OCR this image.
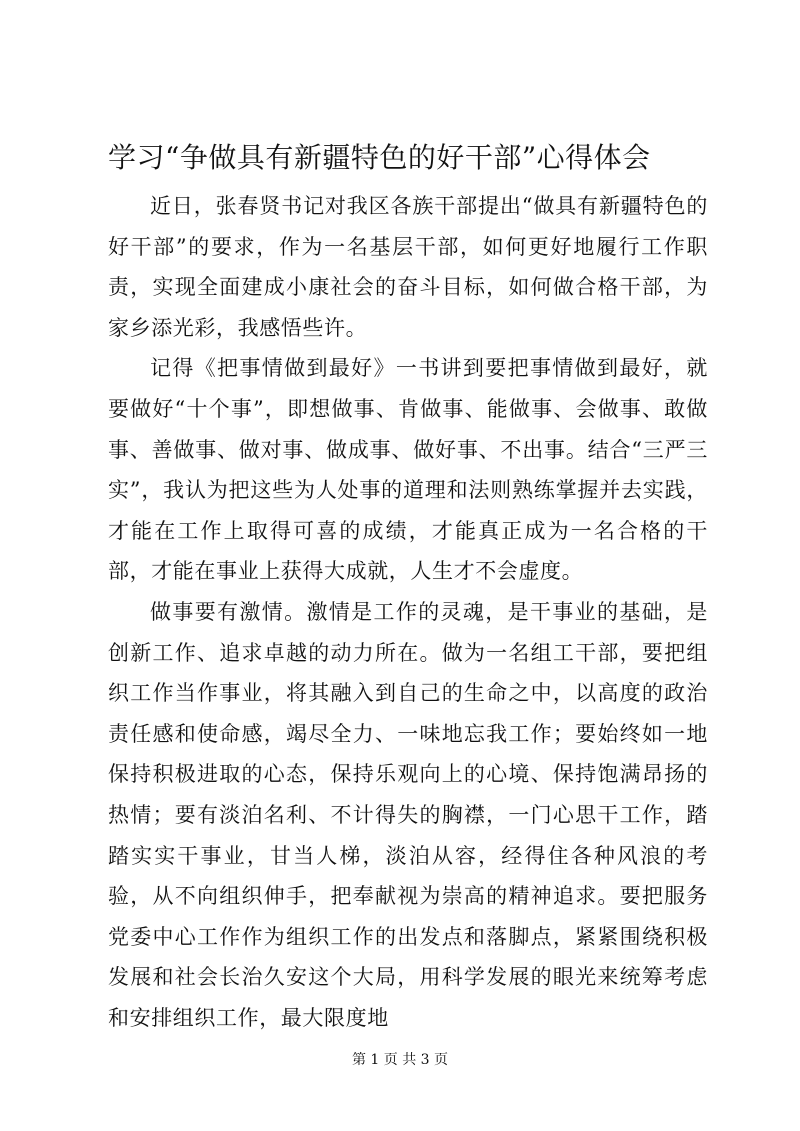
学习“争做具有新疆特色的好干部”心得体会

近日，张春贤书记对我区各族干部提出“做具有新疆特色的好干部”的要求，作为一名基层干部，如何更好地履行工作职责，实现全面建成小康社会的奋斗目标，如何做合格干部，为家乡添光彩，我感悟些许。

记得《把事情做到最好》一书讲到要把事情做到最好，就要做好“十个事”，即想做事、肯做事、能做事、会做事、敢做事、善做事、做对事、做成事、做好事、不出事。结合“三严三实”，我认为把这些为人处事的道理和法则熟练掌握并去实践，才能在工作上取得可喜的成绩，才能真正成为一名合格的干部，才能在事业上获得大成就，人生才不会虚度。

做事要有激情。激情是工作的灵魂，是干事业的基础，是创新工作、追求卓越的动力所在。做为一名组工干部，要把组织工作当作事业，将其融入到自己的生命之中，以高度的政治责任感和使命感，竭尽全力、一味地忘我工作；要始终如一地保持积极进取的心态，保持乐观向上的心境、保持饱满昂扬的热情；要有淡泊名利、不计得失的胸襟，一门心思干工作，踏踏实实干事业，甘当人梯，淡泊从容，经得住各种风浪的考验，从不向组织伸手，把奉献视为崇高的精神追求。要把服务党委中心工作作为组织工作的出发点和落脚点，紧紧围绕积极发展和社会长治久安这个大局，用科学发展的眼光来统筹考虑和安排组织工作，最大限度地

第 1 页 共 3 页
